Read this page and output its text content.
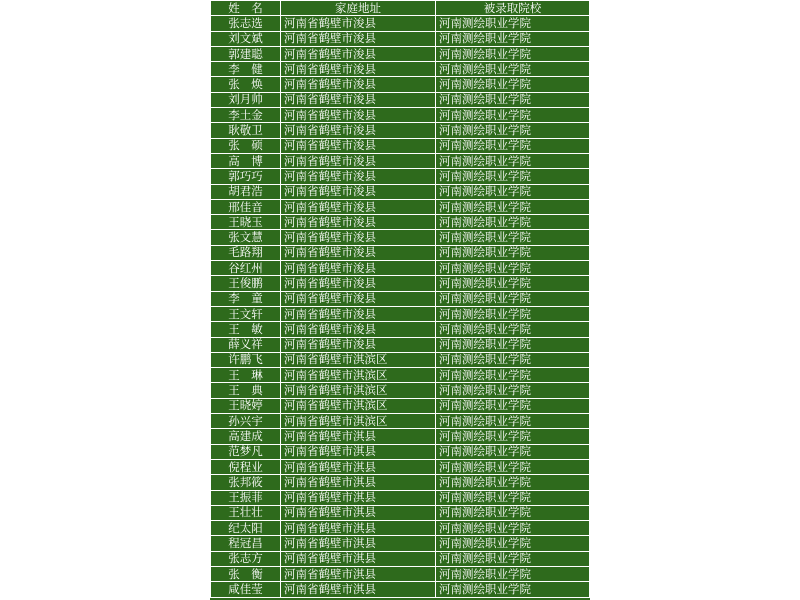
姓　名	家庭地址	被录取院校
张志选	河南省鹤壁市浚县	河南测绘职业学院
刘文斌	河南省鹤壁市浚县	河南测绘职业学院
郭建聪	河南省鹤壁市浚县	河南测绘职业学院
李　健	河南省鹤壁市浚县	河南测绘职业学院
张　焕	河南省鹤壁市浚县	河南测绘职业学院
刘月帅	河南省鹤壁市浚县	河南测绘职业学院
李土金	河南省鹤壁市浚县	河南测绘职业学院
耿敬卫	河南省鹤壁市浚县	河南测绘职业学院
张　硕	河南省鹤壁市浚县	河南测绘职业学院
高　博	河南省鹤壁市浚县	河南测绘职业学院
郭巧巧	河南省鹤壁市浚县	河南测绘职业学院
胡君浩	河南省鹤壁市浚县	河南测绘职业学院
邢佳音	河南省鹤壁市浚县	河南测绘职业学院
王晓玉	河南省鹤壁市浚县	河南测绘职业学院
张文慧	河南省鹤壁市浚县	河南测绘职业学院
毛路翔	河南省鹤壁市浚县	河南测绘职业学院
谷红州	河南省鹤壁市浚县	河南测绘职业学院
王俊鹏	河南省鹤壁市浚县	河南测绘职业学院
李　童	河南省鹤壁市浚县	河南测绘职业学院
王文轩	河南省鹤壁市浚县	河南测绘职业学院
王　敏	河南省鹤壁市浚县	河南测绘职业学院
薛义祥	河南省鹤壁市浚县	河南测绘职业学院
许鹏飞	河南省鹤壁市淇滨区	河南测绘职业学院
王　琳	河南省鹤壁市淇滨区	河南测绘职业学院
王　典	河南省鹤壁市淇滨区	河南测绘职业学院
王晓婷	河南省鹤壁市淇滨区	河南测绘职业学院
孙兴宇	河南省鹤壁市淇滨区	河南测绘职业学院
高建成	河南省鹤壁市淇县	河南测绘职业学院
范梦凡	河南省鹤壁市淇县	河南测绘职业学院
倪程业	河南省鹤壁市淇县	河南测绘职业学院
张邦筱	河南省鹤壁市淇县	河南测绘职业学院
王振菲	河南省鹤壁市淇县	河南测绘职业学院
王壮壮	河南省鹤壁市淇县	河南测绘职业学院
纪太阳	河南省鹤壁市淇县	河南测绘职业学院
程冠昌	河南省鹤壁市淇县	河南测绘职业学院
张志方	河南省鹤壁市淇县	河南测绘职业学院
张　衡	河南省鹤壁市淇县	河南测绘职业学院
咸佳莹	河南省鹤壁市淇县	河南测绘职业学院
